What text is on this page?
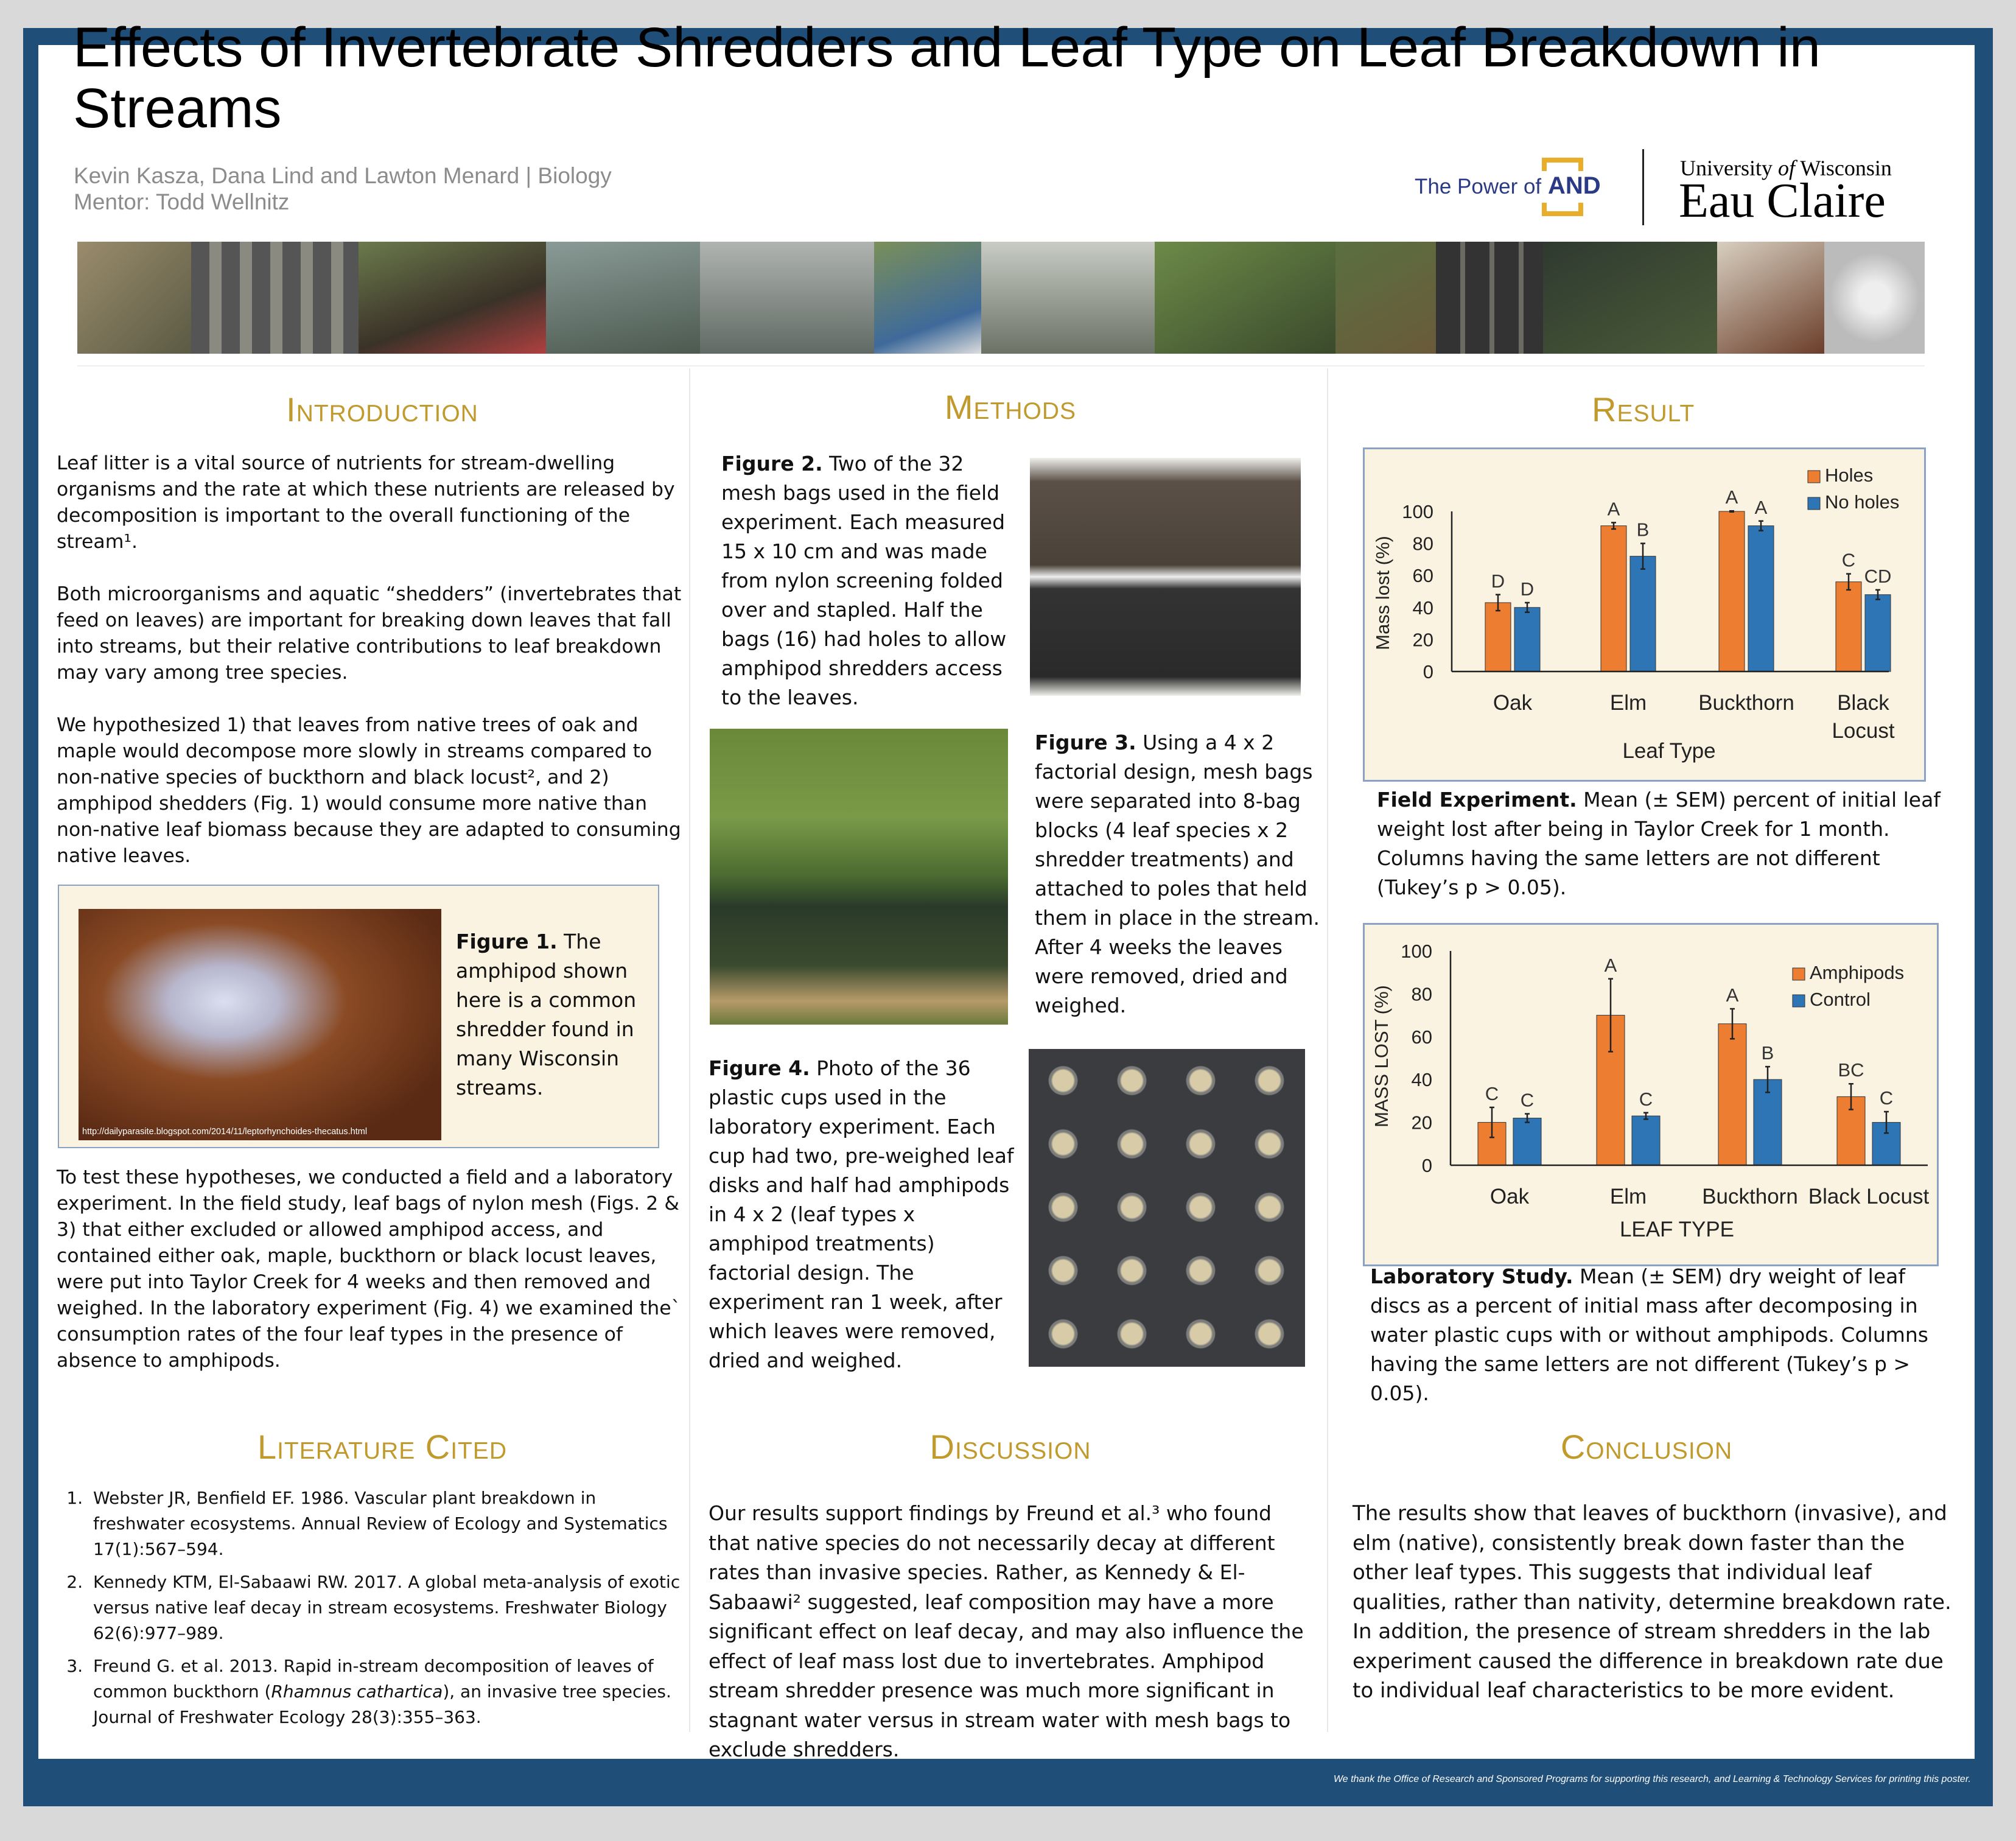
Effects of Invertebrate Shredders and Leaf Type on Leaf Breakdown in Streams
Kevin Kasza, Dana Lind and Lawton Menard | Biology
Mentor: Todd Wellnitz
The Power of AND
University of Wisconsin
Eau Claire
Introduction

Leaf litter is a vital source of nutrients for stream-dwelling organisms and the rate at which these nutrients are released by decomposition is important to the overall functioning of the stream¹.

Both microorganisms and aquatic “shedders” (invertebrates that feed on leaves) are important for breaking down leaves that fall into streams, but their relative contributions to leaf breakdown may vary among tree species.

We hypothesized 1) that leaves from native trees of oak and maple would decompose more slowly in streams compared to non-native species of buckthorn and black locust², and 2) amphipod shedders (Fig. 1) would consume more native than non-native leaf biomass because they are adapted to consuming native leaves.

http://dailyparasite.blogspot.com/2014/11/leptorhynchoides-thecatus.html
Figure 1. The amphipod shown here is a common shredder found in many Wisconsin streams.
To test these hypotheses, we conducted a field and a laboratory experiment. In the field study, leaf bags of nylon mesh (Figs. 2 & 3) that either excluded or allowed amphipod access, and contained either oak, maple, buckthorn or black locust leaves, were put into Taylor Creek for 4 weeks and then removed and weighed. In the laboratory experiment (Fig. 4) we examined the` consumption rates of the four leaf types in the presence of absence to amphipods.
Literature Cited
1. Webster JR, Benfield EF. 1986. Vascular plant breakdown in freshwater ecosystems. Annual Review of Ecology and Systematics 17(1):567–594.
2. Kennedy KTM, El-Sabaawi RW. 2017. A global meta-analysis of exotic versus native leaf decay in stream ecosystems. Freshwater Biology 62(6):977–989.
3. Freund G. et al. 2013. Rapid in-stream decomposition of leaves of common buckthorn (Rhamnus cathartica), an invasive tree species. Journal of Freshwater Ecology 28(3):355–363.
Methods
Figure 2. Two of the 32 mesh bags used in the field experiment. Each measured 15 x 10 cm and was made from nylon screening folded over and stapled. Half the bags (16) had holes to allow amphipod shredders access to the leaves.
Figure 3. Using a 4 x 2 factorial design, mesh bags were separated into 8-bag blocks (4 leaf species x 2 shredder treatments) and attached to poles that held them in place in the stream. After 4 weeks the leaves were removed, dried and weighed.
Figure 4. Photo of the 36 plastic cups used in the laboratory experiment. Each cup had two, pre-weighed leaf disks and half had amphipods in 4 x 2 (leaf types x amphipod treatments) factorial design. The experiment ran 1 week, after which leaves were removed, dried and weighed.
Discussion
Our results support findings by Freund et al.³ who found that native species do not necessarily decay at different rates than invasive species. Rather, as Kennedy & El-Sabaawi² suggested, leaf composition may have a more significant effect on leaf decay, and may also influence the effect of leaf mass lost due to invertebrates. Amphipod stream shredder presence was much more significant in stagnant water versus in stream water with mesh bags to exclude shredders.
Result
0
20
40
60
80
100
D
A
A
C
Holes
D
B
A
CD
No holes
Oak	Elm Buckthorn Black
Locust
Leaf Type
Mass lost (%)
Field Experiment. Mean (± SEM) percent of initial leaf weight lost after being in Taylor Creek for 1 month. Columns having the same letters are not different (Tukey’s p > 0.05).
0
20
40
60
80
100
C
A
A
BC
Amphipods
C	C
B
C
Control
Oak	Elm	Buckthorn Black Locust
LEAF TYPE
MASS LOST (%)
Laboratory Study. Mean (± SEM) dry weight of leaf discs as a percent of initial mass after decomposing in water plastic cups with or without amphipods. Columns having the same letters are not different (Tukey’s p > 0.05).
Conclusion
The results show that leaves of buckthorn (invasive), and elm (native), consistently break down faster than the other leaf types. This suggests that individual leaf qualities, rather than nativity, determine breakdown rate. In addition, the presence of stream shredders in the lab experiment caused the difference in breakdown rate due to individual leaf characteristics to be more evident.
We thank the Office of Research and Sponsored Programs for supporting this research, and Learning & Technology Services for printing this poster.
